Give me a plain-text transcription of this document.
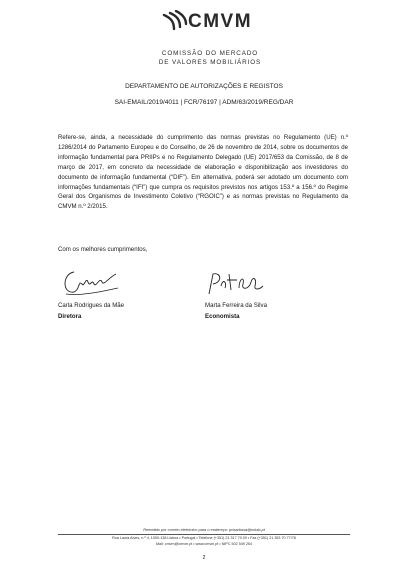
CMVM
COMISSÃO DO MERCADO
DE VALORES MOBILIÁRIOS
DEPARTAMENTO DE AUTORIZAÇÕES E REGISTOS
SAI-EMAIL/2019/4011 | FCR/76197 | ADM/63/2019/REG/DAR

Refere-se, ainda, a necessidade do cumprimento das normas previstas no Regulamento (UE) n.º 1286/2014 do Parlamento Europeu e do Conselho, de 26 de novembro de 2014, sobre os documentos de informação fundamental para PRIIPs e no Regulamento Delegado (UE) 2017/653 da Comissão, de 8 de março de 2017, em concreto da necessidade de elaboração e disponibilização aos investidores do documento de informação fundamental (“DIF”). Em alternativa, poderá ser adotado um documento com informações fundamentais (“IFI”) que cumpra os requisitos previstos nos artigos 153.º a 156.º do Regime Geral dos Organismos de Investimento Coletivo (“RGOIC”) e as normas previstas no Regulamento da CMVM n.º 2/2015.

Com os melhores cumprimentos,
Carla Rodrigues da Mãe
Diretora
Marta Ferreira da Silva
Economista
Remetido por correio eletrónico para o endereço: pcbarbosa@mkzb.pt
Rua Laura Alves, n.º 4, 1050-138 Lisboa • Portugal • Telefone (+351) 21 317 70 00 • Fax (+351) 21 353 70 77/78
Mail: cmvm@cmvm.pt • www.cmvm.pt • NIPC 502 549 254
2
